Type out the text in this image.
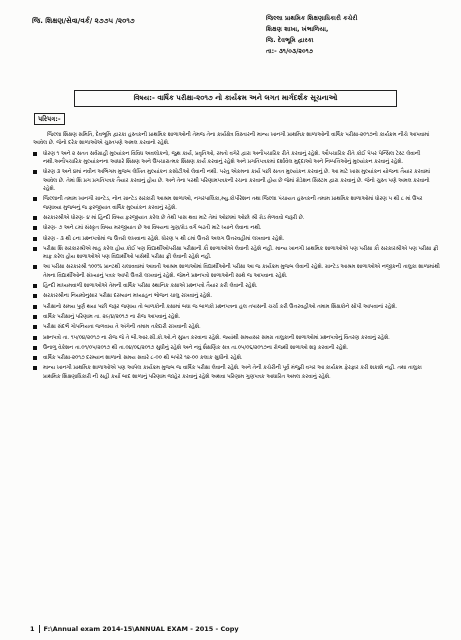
જિ. શિક્ષણ/સેવા/વર્ક/ ૨૭૭૫ /૨૦૧૭	જિલ્લા પ્રાથમિક શિક્ષણાધિકારી કચેરી
શિક્ષણ શાખા, ખંભાળિયા,
જિ. દેવભૂમિ દ્વારકા
તા:- ૩૧/૦૩/૨૦૧૭
વિષય:- વાર્ષિક પરીક્ષા-૨૦૧૭ નો કાર્યક્રમ અને લગત માર્ગદર્શક સૂચનાઓ
પરિપત્ર:-

જિલ્લા શિક્ષણ સમિતિ, દેવભૂમિ દ્વારકા હસ્તકની પ્રાથમિક શાળાઓની તેમજ તેના કાર્યક્ષેત્ર વિસ્તારની માન્ય ખાનગી પ્રાથમિક શાળાઓની વાર્ષિક પરીક્ષા-૨૦૧૭નો કાર્યક્રમ નીચે આપવામાં આવેલ છે. જેનો દરેક શાળાઓએ ચુસ્તપણે અમલ કરવાનો રહેશે.

ધોરણ ૧ અને ૨ સતત સર્વગ્રાહી મુલ્યાંકન વિવિધ અવલોકનો, જુથ કાર્ય, પ્રવૃતિઓ, રમતો વગેરે દ્વારા અનૌપચારિક રીતે કરવાનું રહેશે. ઔપચારિક રીતે કોઈ પેપર પેન્સિલ ટેસ્ટ લેવાની નથી.અનૌપચારિક મુલ્યાંકનના આધારે શિક્ષણ અને ઉપચારાત્મક શિક્ષણ કાર્ય કરવાનું રહેશે અને પ્રગતિપત્રકમાં દર્શાવેલ મુદ્દાઓ અને નિષ્પત્તિઓનું મુલ્યાંકન કરવાનું રહેશે.
ધોરણ ૩ અને ૪માં નવીન અભિગમ મુજબ લેખિત મુલ્યાંકન કસોટીઓ લેવાની નથી. પરંતુ એકમના કાર્ય પછી સતત મુલ્યાંકન કરવાનું છે. આ માટે ખાસ મુલ્યાંકન યોજના તૈયાર કરવામાં આવેલ છે. તેમાં શિ પ્રગ પ્રગતિપત્રક તૈયાર કરવાનું હોય છે. અને તેના પરથી પરિણામપત્રકની રચના કરવાની હોય છે જેમાં ગ્રેડેશન સિસ્ટમ દ્વારા કરવાનું છે. જેનો ચુસ્ત પણે અમલ કરવાનો રહેશે.
જિલ્લાની તમામ ખાનગી ગ્રાન્ટેડ, નોન ગ્રાન્ટેડ સરકારી આશ્રમ શાળાઓ, નગરપાલિકા,મ્યુ.કોર્પોરેશન તથા જિલ્લા પંચાયત હસ્તકની તમામ પ્રાથમિક શાળાઓમાં ધોરણ ૫ થી ૮ માં ઉપર જણાવ્યા મુજબનું જ ફરજીયાત વાર્ષિક મુલ્યાંકન કરવાનું રહેશે.
સરકારશ્રીએ ધોરણ- ૪ માં હિન્દી વિષય ફરજીયાત કરેલ છે તેથી પાસ થવા માટે તેમાં ઓછામાં ઓછો શ્રી ગ્રેડ મેળવવો જરૂરી છે.
ધોરણ- ૭ અને ૮માં સંસ્કૃત વિષય મરજીયાત છે આ વિષયના ગુણ/ગ્રેડ વર્ગ બઢતી માટે ધ્યાને લેવાના નથી.
ધોરણ - ૩ થી ૮ના પ્રશ્નપત્રોમાં જ ઉત્તરો લખવાના રહેશે. ધોરણ ૫ થી ૮માં ઉત્તરો અલગ ઉત્તરવહીમાં લખવાના રહેશે.
પરીક્ષા શિ સરકારશ્રીએ માહ કરેલ હોય કોઈ પણ વિદ્યાર્થીઓપરીક્ષા પરીક્ષાની કૌ શાળાઓએ લેવાની રહેશે નહી. માન્ય ખાનગી પ્રાથમિક શાળાઓએ પણ પરીક્ષા કૌ સરકારશ્રીએ પણ પરીક્ષા ફ્રી માફ કરેલ હોય શાળાઓએ પણ વિદ્યાર્થીઓ પાસેથી પરીક્ષા ફ્રી લેવાની રહેશે નહી.
આ પરીક્ષા સરકારશ્રી ૧૦૦% પ્રાન્ટથી ચલાવવામાં આવતી આશ્રમ શાળાઓમાં વિદ્યાર્થીઓની પરીક્ષા આ જ કાર્યક્રમ મુજબ લેવાની રહેશે. ગ્રાન્ટેડ આશ્રમ શાળાઓએ નજીકની તાલુકા શાળામાંથી તેમના વિદ્યાર્થીઓની સંખ્યાનું પત્રક આપી ઉત્તરો લખવાનું રહેશે. જેમને પ્રશ્નપત્રો શાળાઓની સાથે જ આપવાના રહેશે.
હિન્દી માધ્યમવાળી શાળાઓએ તેમની વાર્ષિક પરીક્ષા સ્થાનિક કક્ષાએ પ્રશ્નપત્રો તૈયાર કરી લેવાની રહેશે.
સરકારશ્રીના નિયમોનુસાર પરીક્ષા દરમ્યાન મધ્યાહન ભોજન ચાલુ રાખવાનું રહેશે.
પરીક્ષાનો સમય પુર્ણ થયા પછી જરૂર જણાય તો બાળકોની કક્ષામાં બધા જ બાળકો પ્રશ્નપત્રના હલ તપાસની ચર્ચા કરી ઉત્તરવહીઓ તમામ શિક્ષકોને સોંપી આપવાનાં રહેશે.
વાર્ષિક પરીક્ષાનું પરિણામ તા. ૨૯/૪/૨૦૧૭ ના રોજ આપવાનું રહેશે.
પરીક્ષા સંદર્ભે ગોપનિયતા જળવાય તે અંગેની તમામ તકેદારી રાખવાની રહેશે.
પ્રશ્નપત્રો તા. ૧૫/૦૪/૨૦૧૭ ના રોજ જે તે બી.આર.સી.કો.ઓ.ને સુપ્રત કરવાના રહેશે. જ્યાંથી સમયસર સમગ્ર તાલુકાની શાળાઓમાં પ્રશ્નપત્રોનું વિતરણ કરવાનું રહેશે.
ઉનાળુ વેકેશન તા.૦૧/૦૫/૨૦૧૭ થી તા.૦૪/૦૬/૨૦૧૭ સુધીનું રહેશે અને નવું શૈક્ષણિક સત્ર તા.૦૫/૦૬/૨૦૧૭ના રોજથી શાળાઓ શરૂ કરવાની રહેશે.
વાર્ષિક પરીક્ષા-૨૦૧૭ દરમ્યાન શાળાનો સમય સવારે ૮-૦૦ થી બપોરે ૧૨-૦૦ કલાક સુધીનો રહેશે.
માન્ય ખાનગી પ્રાથમિક શાળાઓએ પણ આપેલ કાર્યક્રમ મુજબ જ વાર્ષિક પરીક્ષા લેવાની રહેશે. અને તેની કચેરીની પૂર્વ મંજુરી વગર આ કાર્યક્રમ ફેરફાર કરી શકાશે નહી. તથા તાલુકા પ્રાથમિક શિક્ષણાધિકારી ની સહી કર્યા બાદ શાળાનું પરિણામ જાહેર કરવાનું રહેશે અથવા પરિણામ ગુણપત્રક આધારિત અમલ કરવાનું રહેશે.
1 F:\Annual exam 2014-15\ANNUAL EXAM - 2015 - Copy
